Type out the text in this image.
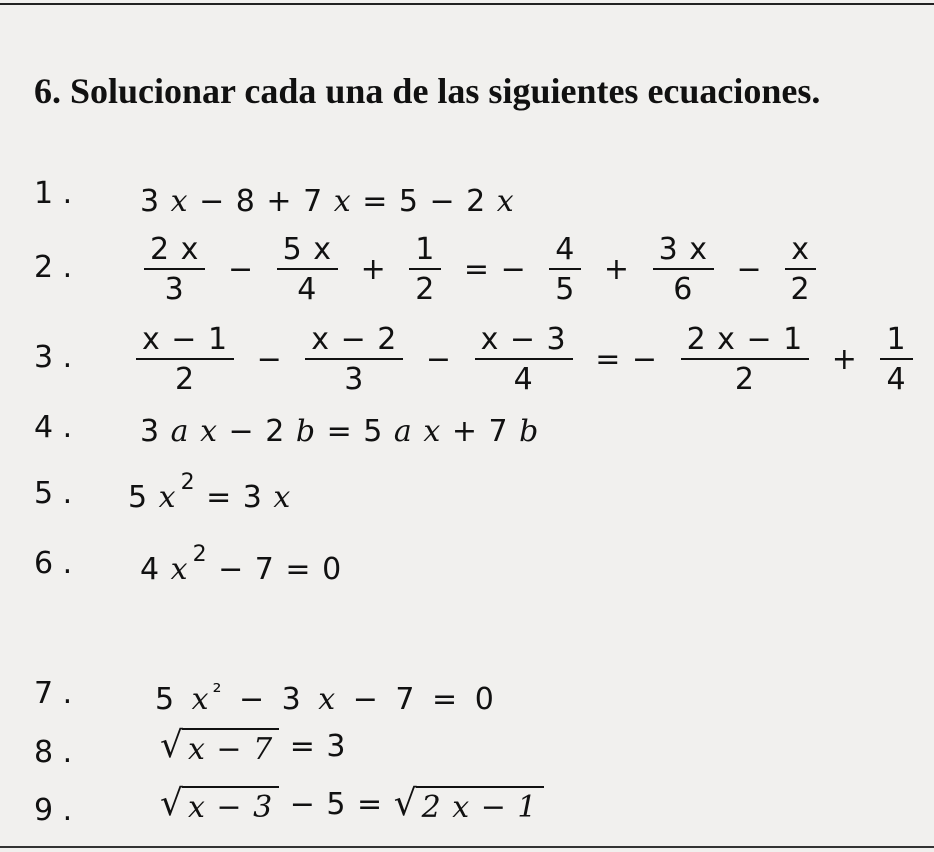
6. Solucionar cada una de las siguientes ecuaciones.
1 .
2 .
3 .
4 .
5 .
6 .
7 .
8 .
9 .
3 x − 8 + 7 x = 5 − 2 x
$\frac{2 x}{3} - \frac{5 x}{4} + \frac{1}{2}$ = − $\frac{4}{5} + \frac{3 x}{6} - \frac{x}{2}$
$\frac{x - 1}{2} - \frac{x - 2}{3} - \frac{x - 3}{4}$ = − $\frac{2 x - 1}{2} + \frac{1}{4}$
3 a x − 2 b = 5 a x + 7 b
5 x $^2$ = 3 x
4 x $^2$ − 7 = 0
5 $x^{^2} - 3$ x − 7 = 0
√ x − 7 = 3
√ x − 3 − 5 = √ 2 x − 1
